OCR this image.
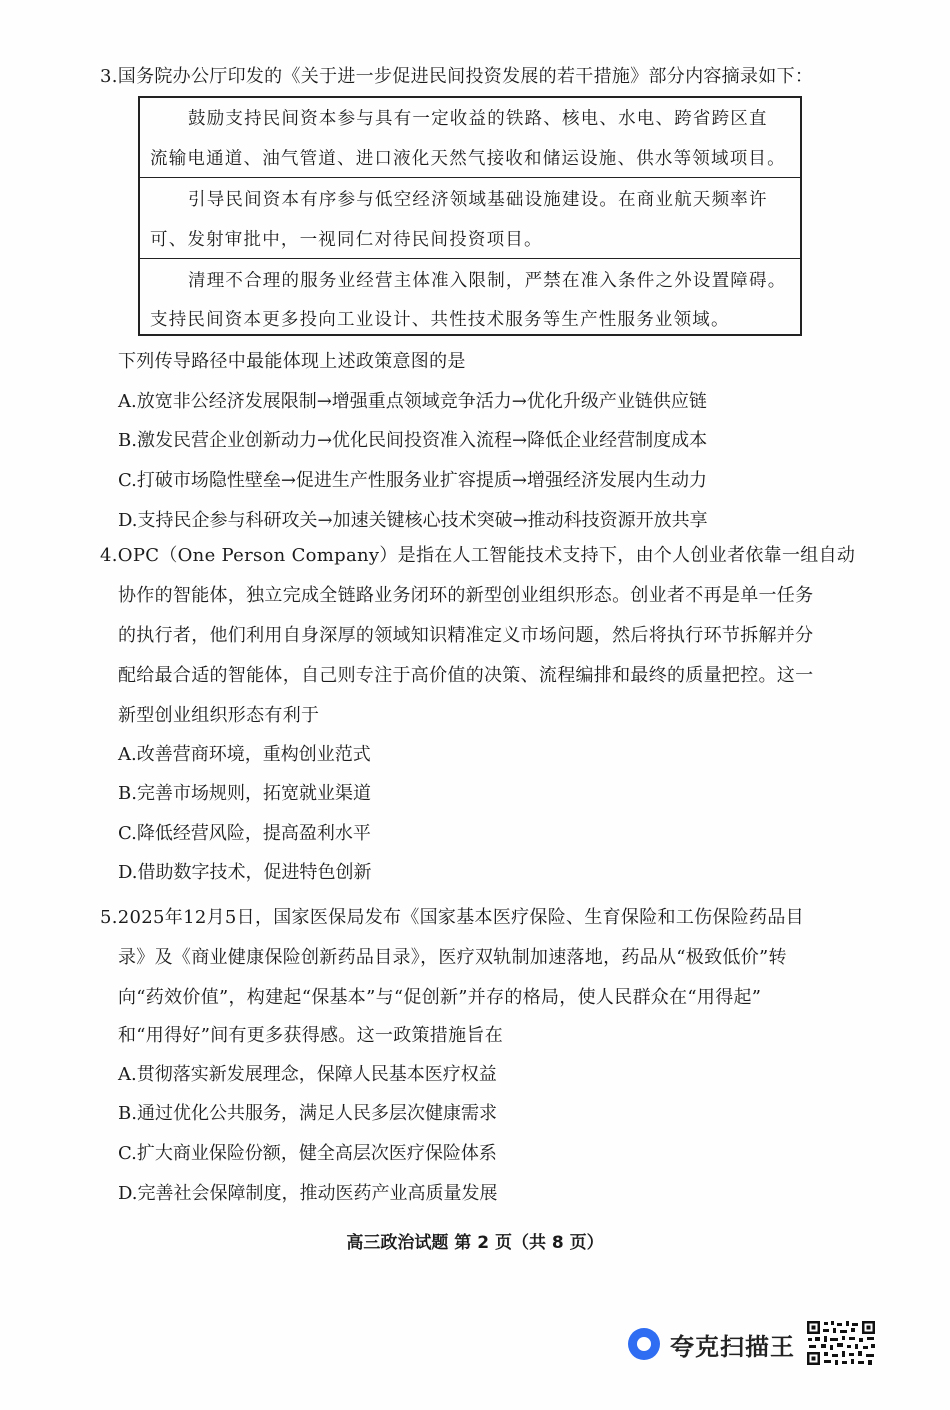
3.国务院办公厅印发的《关于进一步促进民间投资发展的若干措施》部分内容摘录如下：
鼓励支持民间资本参与具有一定收益的铁路、核电、水电、跨省跨区直
流输电通道、油气管道、进口液化天然气接收和储运设施、供水等领域项目。
引导民间资本有序参与低空经济领域基础设施建设。在商业航天频率许
可、发射审批中，一视同仁对待民间投资项目。
清理不合理的服务业经营主体准入限制，严禁在准入条件之外设置障碍。
支持民间资本更多投向工业设计、共性技术服务等生产性服务业领域。
下列传导路径中最能体现上述政策意图的是
A.放宽非公经济发展限制→增强重点领域竞争活力→优化升级产业链供应链
B.激发民营企业创新动力→优化民间投资准入流程→降低企业经营制度成本
C.打破市场隐性壁垒→促进生产性服务业扩容提质→增强经济发展内生动力
D.支持民企参与科研攻关→加速关键核心技术突破→推动科技资源开放共享
4.OPC（One Person Company）是指在人工智能技术支持下，由个人创业者依靠一组自动
协作的智能体，独立完成全链路业务闭环的新型创业组织形态。创业者不再是单一任务
的执行者，他们利用自身深厚的领域知识精准定义市场问题，然后将执行环节拆解并分
配给最合适的智能体，自己则专注于高价值的决策、流程编排和最终的质量把控。这一
新型创业组织形态有利于
A.改善营商环境，重构创业范式
B.完善市场规则，拓宽就业渠道
C.降低经营风险，提高盈利水平
D.借助数字技术，促进特色创新
5.2025年12月5日，国家医保局发布《国家基本医疗保险、生育保险和工伤保险药品目
录》及《商业健康保险创新药品目录》，医疗双轨制加速落地，药品从“极致低价”转
向“药效价值”，构建起“保基本”与“促创新”并存的格局，使人民群众在“用得起”
和“用得好”间有更多获得感。这一政策措施旨在
A.贯彻落实新发展理念，保障人民基本医疗权益
B.通过优化公共服务，满足人民多层次健康需求
C.扩大商业保险份额，健全高层次医疗保险体系
D.完善社会保障制度，推动医药产业高质量发展
高三政治试题 第 2 页（共 8 页）
夸克扫描王
